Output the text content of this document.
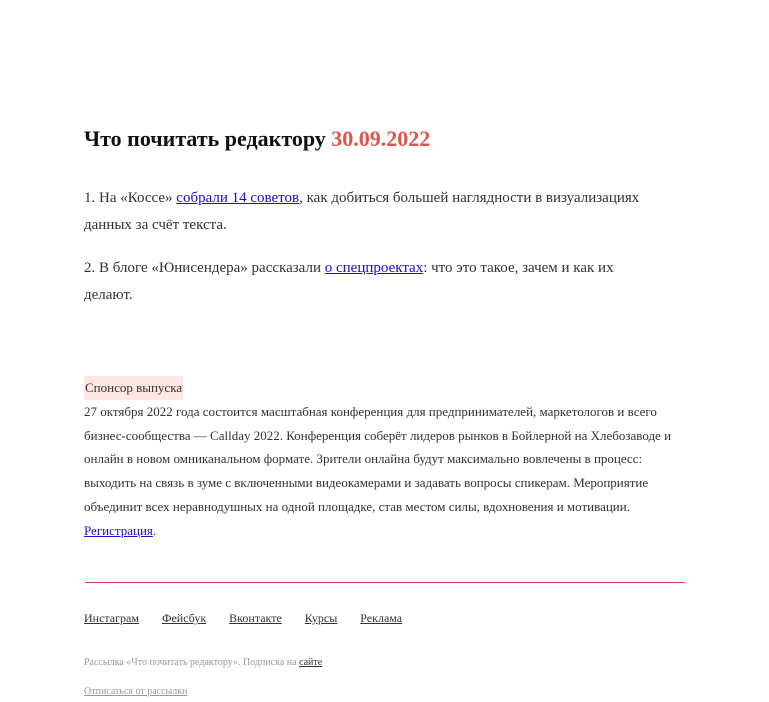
Что почитать редактору 30.09.2022

1. На «Коссе» собрали 14 советов, как добиться большей наглядности в визуализациях данных за счёт текста.

2. В блоге «Юнисендера» рассказали о спецпроектах: что это такое, зачем и как их делают.

Спонсор выпуска
27 октября 2022 года состоится масштабная конференция для предпринимателей, маркетологов и всего бизнес-сообщества — Callday 2022. Конференция соберёт лидеров рынков в Бойлерной на Хлебозаводе и онлайн в новом омниканальном формате. Зрители онлайна будут максимально вовлечены в процесс: выходить на связь в зуме с включенными видеокамерами и задавать вопросы спикерам. Мероприятие объединит всех неравнодушных на одной площадке, став местом силы, вдохновения и мотивации. Регистрация.
Инстаграм Фейсбук Вконтакте Курсы Реклама
Рассылка «Что почитать редактору». Подписка на сайте
Отписаться от рассылки
